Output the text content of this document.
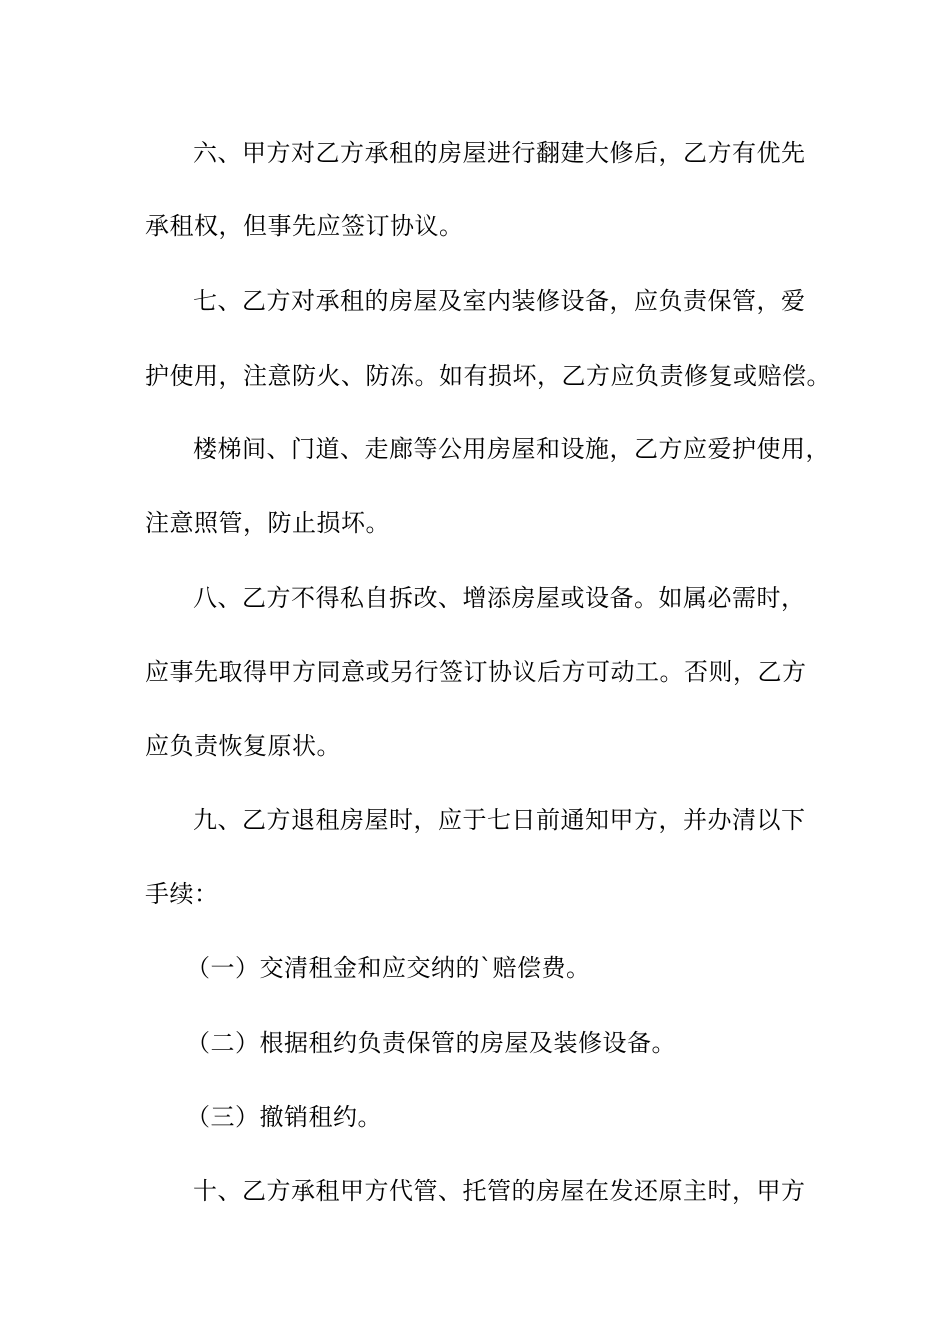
六、甲方对乙方承租的房屋进行翻建大修后，乙方有优先
承租权，但事先应签订协议。
七、乙方对承租的房屋及室内装修设备，应负责保管，爱
护使用，注意防火、防冻。如有损坏，乙方应负责修复或赔偿。
楼梯间、门道、走廊等公用房屋和设施，乙方应爱护使用，
注意照管，防止损坏。
八、乙方不得私自拆改、增添房屋或设备。如属必需时，
应事先取得甲方同意或另行签订协议后方可动工。否则，乙方
应负责恢复原状。
九、乙方退租房屋时，应于七日前通知甲方，并办清以下
手续：
（一）交清租金和应交纳的`赔偿费。
（二）根据租约负责保管的房屋及装修设备。
（三）撤销租约。
十、乙方承租甲方代管、托管的房屋在发还原主时，甲方
